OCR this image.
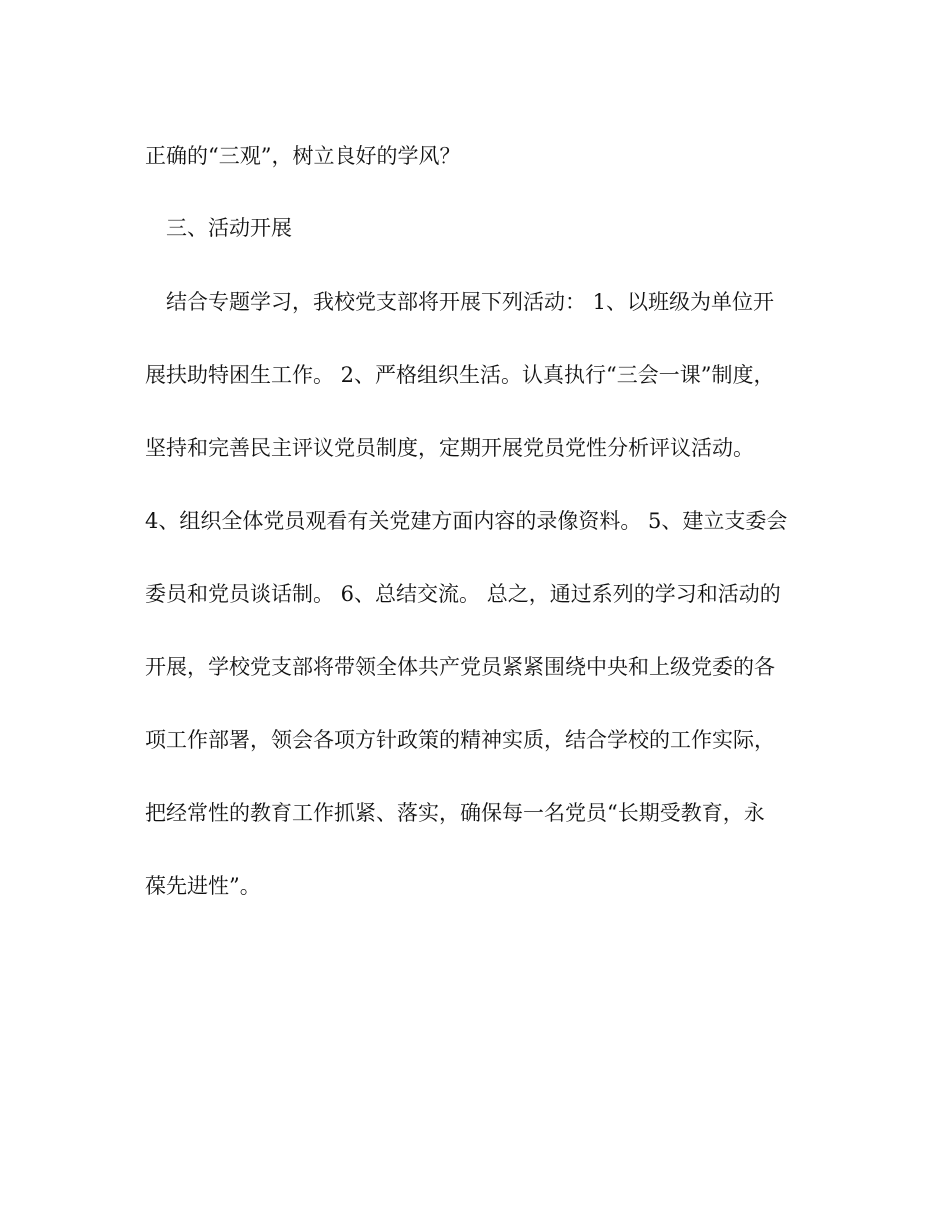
正确的“三观”，树立良好的学风？
三、活动开展
结合专题学习，我校党支部将开展下列活动： 1、以班级为单位开
展扶助特困生工作。 2、严格组织生活。认真执行“三会一课”制度，
坚持和完善民主评议党员制度，定期开展党员党性分析评议活动。
4、组织全体党员观看有关党建方面内容的录像资料。 5、建立支委会
委员和党员谈话制。 6、总结交流。 总之，通过系列的学习和活动的
开展，学校党支部将带领全体共产党员紧紧围绕中央和上级党委的各
项工作部署，领会各项方针政策的精神实质，结合学校的工作实际，
把经常性的教育工作抓紧、落实，确保每一名党员“长期受教育，永
葆先进性”。
